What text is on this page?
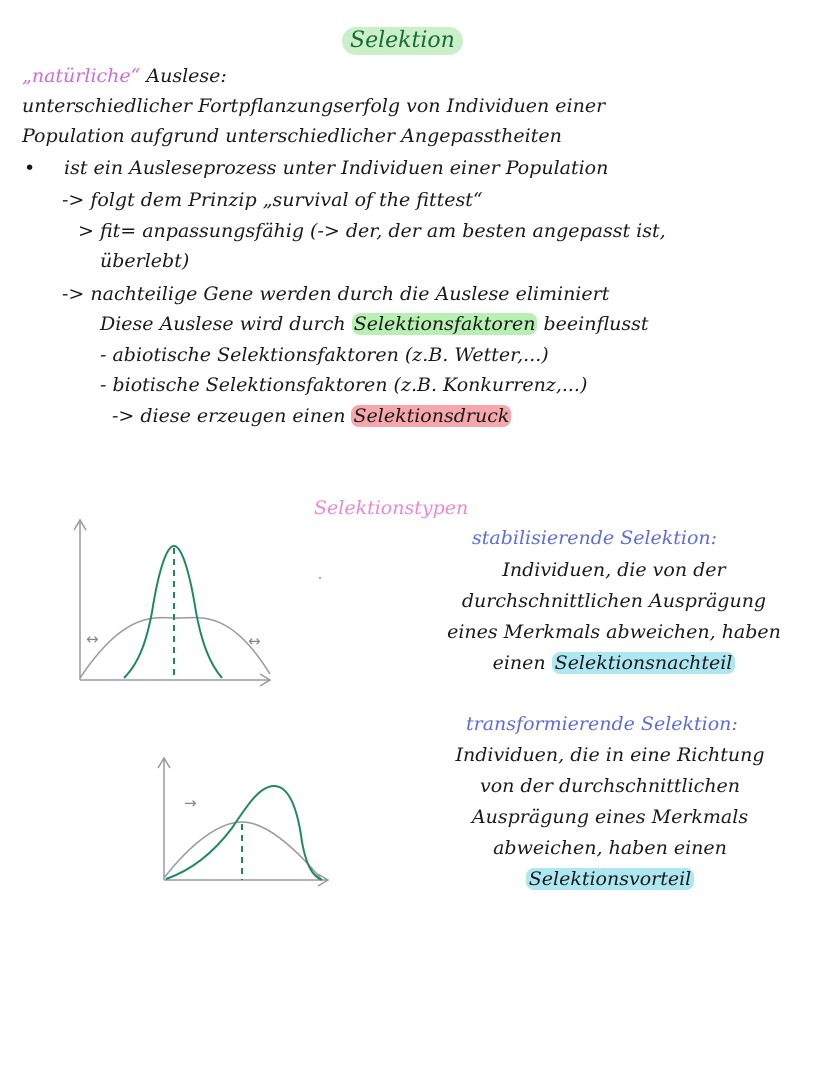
Selektion
„natürliche“ Auslese:
unterschiedlicher Fortpflanzungserfolg von Individuen einer
Population aufgrund unterschiedlicher Angepasstheiten
• ist ein Ausleseprozess unter Individuen einer Population
-> folgt dem Prinzip „survival of the fittest“
> fit= anpassungsfähig (-> der, der am besten angepasst ist,
überlebt)
-> nachteilige Gene werden durch die Auslese eliminiert
Diese Auslese wird durch Selektionsfaktoren beeinflusst
- abiotische Selektionsfaktoren (z.B. Wetter,...)
- biotische Selektionsfaktoren (z.B. Konkurrenz,...)
-> diese erzeugen einen Selektionsdruck
Selektionstypen
stabilisierende Selektion:
Individuen, die von der
durchschnittlichen Ausprägung
eines Merkmals abweichen, haben
einen Selektionsnachteil
transformierende Selektion:
Individuen, die in eine Richtung
von der durchschnittlichen
Ausprägung eines Merkmals
abweichen, haben einen
Selektionsvorteil
↔	↔
→
